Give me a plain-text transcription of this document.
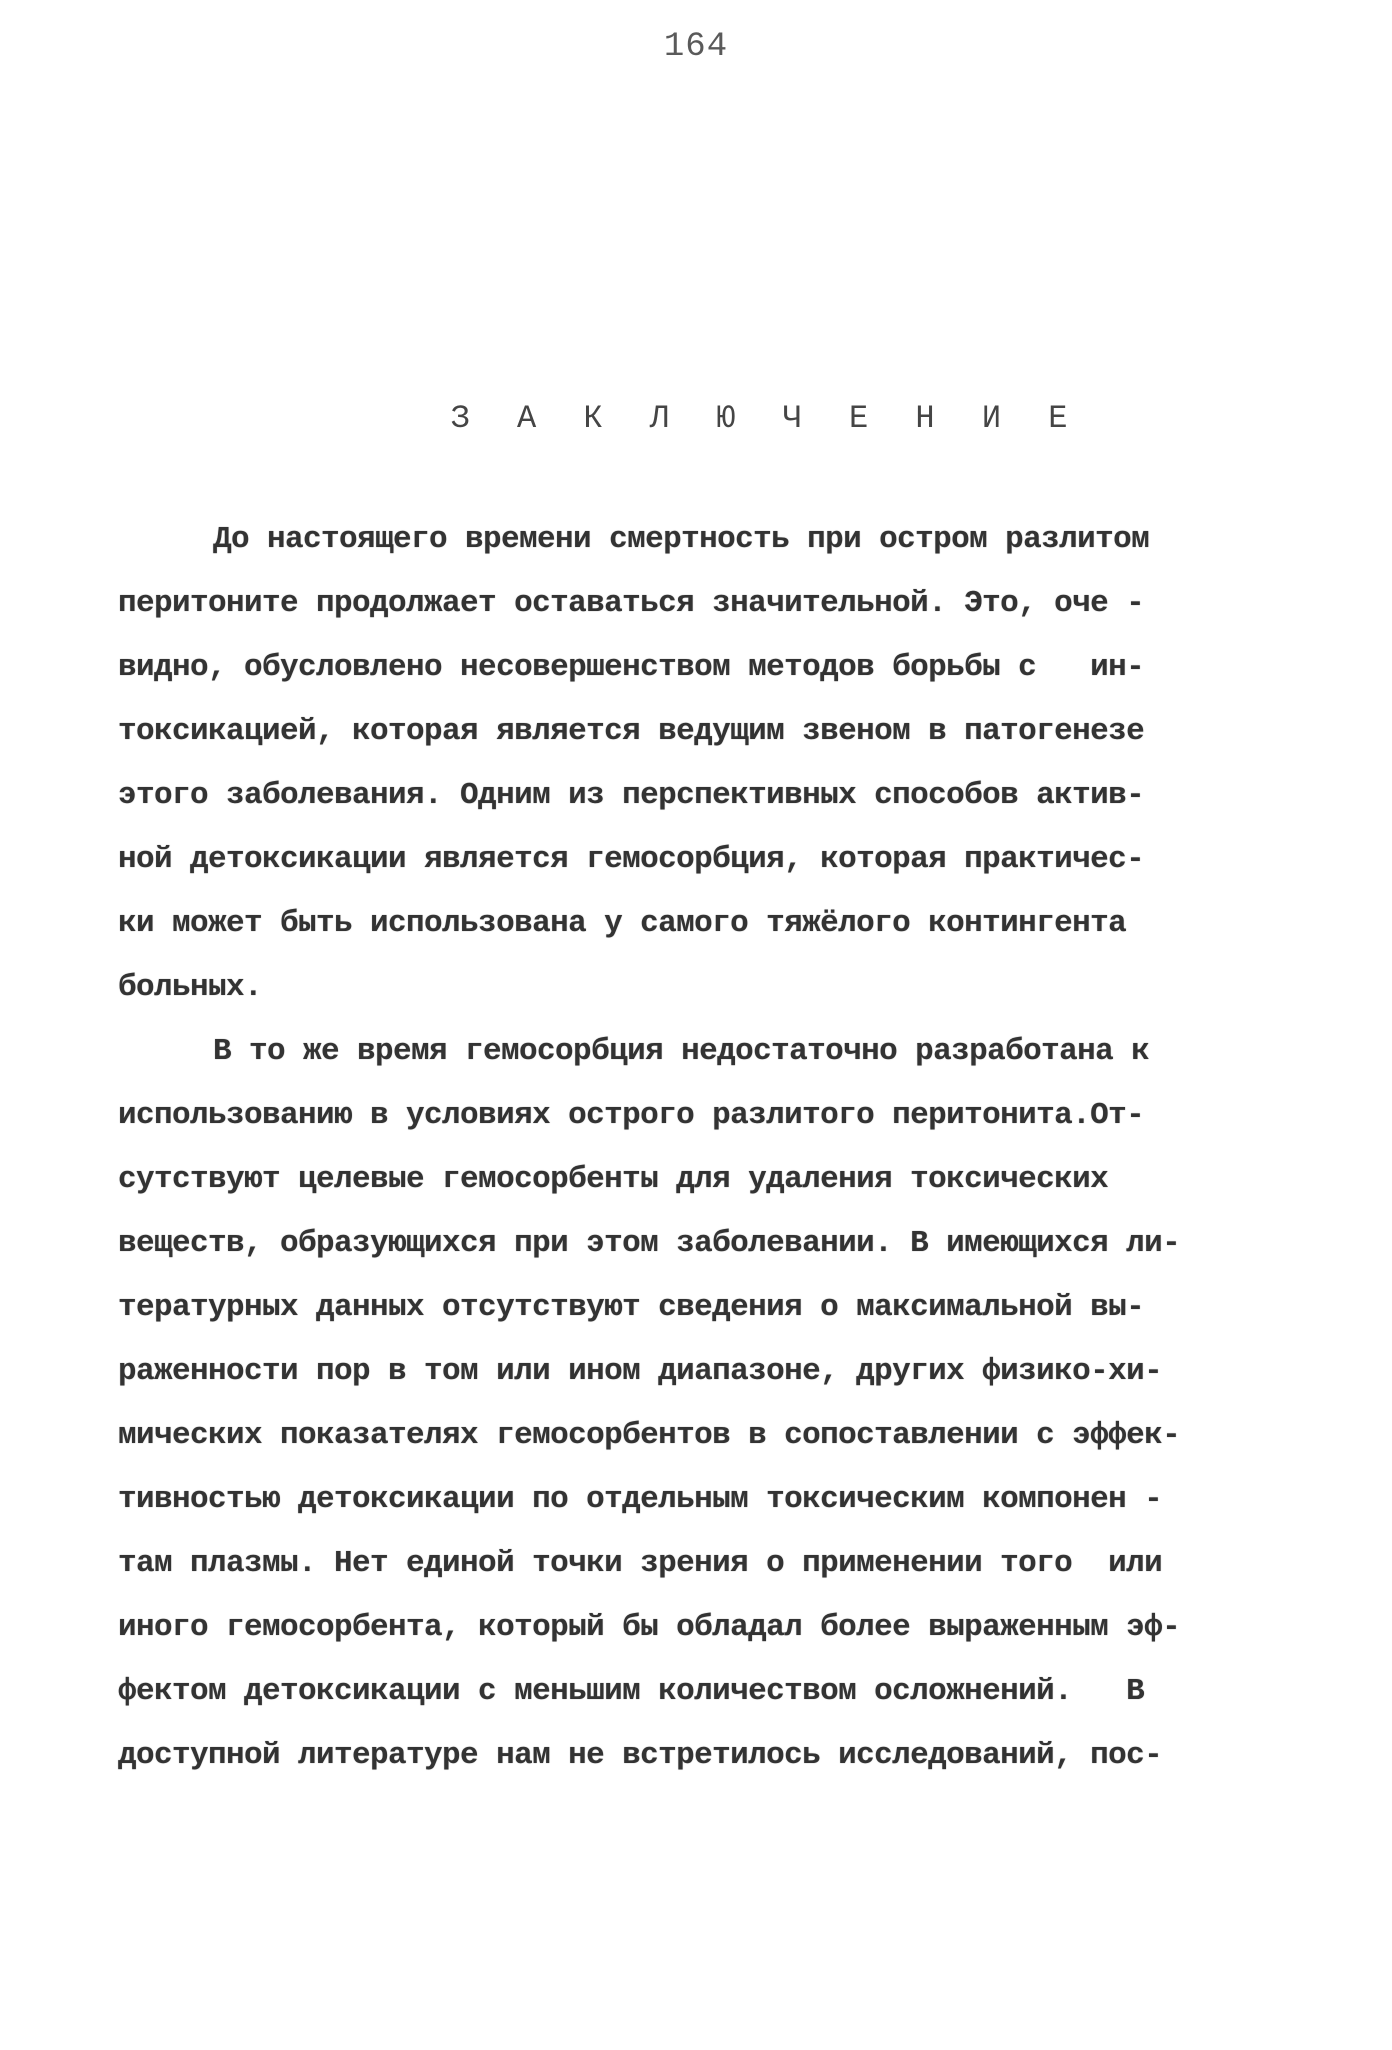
164
З А К Л Ю Ч Е Н И Е
До настоящего времени смертность при остром разлитом
перитоните продолжает оставаться значительной. Это, оче -
видно, обусловлено несовершенством методов борьбы с   ин-
токсикацией, которая является ведущим звеном в патогенезе
этого заболевания. Одним из перспективных способов актив-
ной детоксикации является гемосорбция, которая практичес-
ки может быть использована у самого тяжёлого контингента
больных.
В то же время гемосорбция недостаточно разработана к
использованию в условиях острого разлитого перитонита.От-
сутствуют целевые гемосорбенты для удаления токсических
веществ, образующихся при этом заболевании. В имеющихся ли-
тературных данных отсутствуют сведения о максимальной вы-
раженности пор в том или ином диапазоне, других физико-хи-
мических показателях гемосорбентов в сопоставлении с эффек-
тивностью детоксикации по отдельным токсическим компонен -
там плазмы. Нет единой точки зрения о применении того  или
иного гемосорбента, который бы обладал более выраженным эф-
фектом детоксикации с меньшим количеством осложнений.   В
доступной литературе нам не встретилось исследований, пос-
